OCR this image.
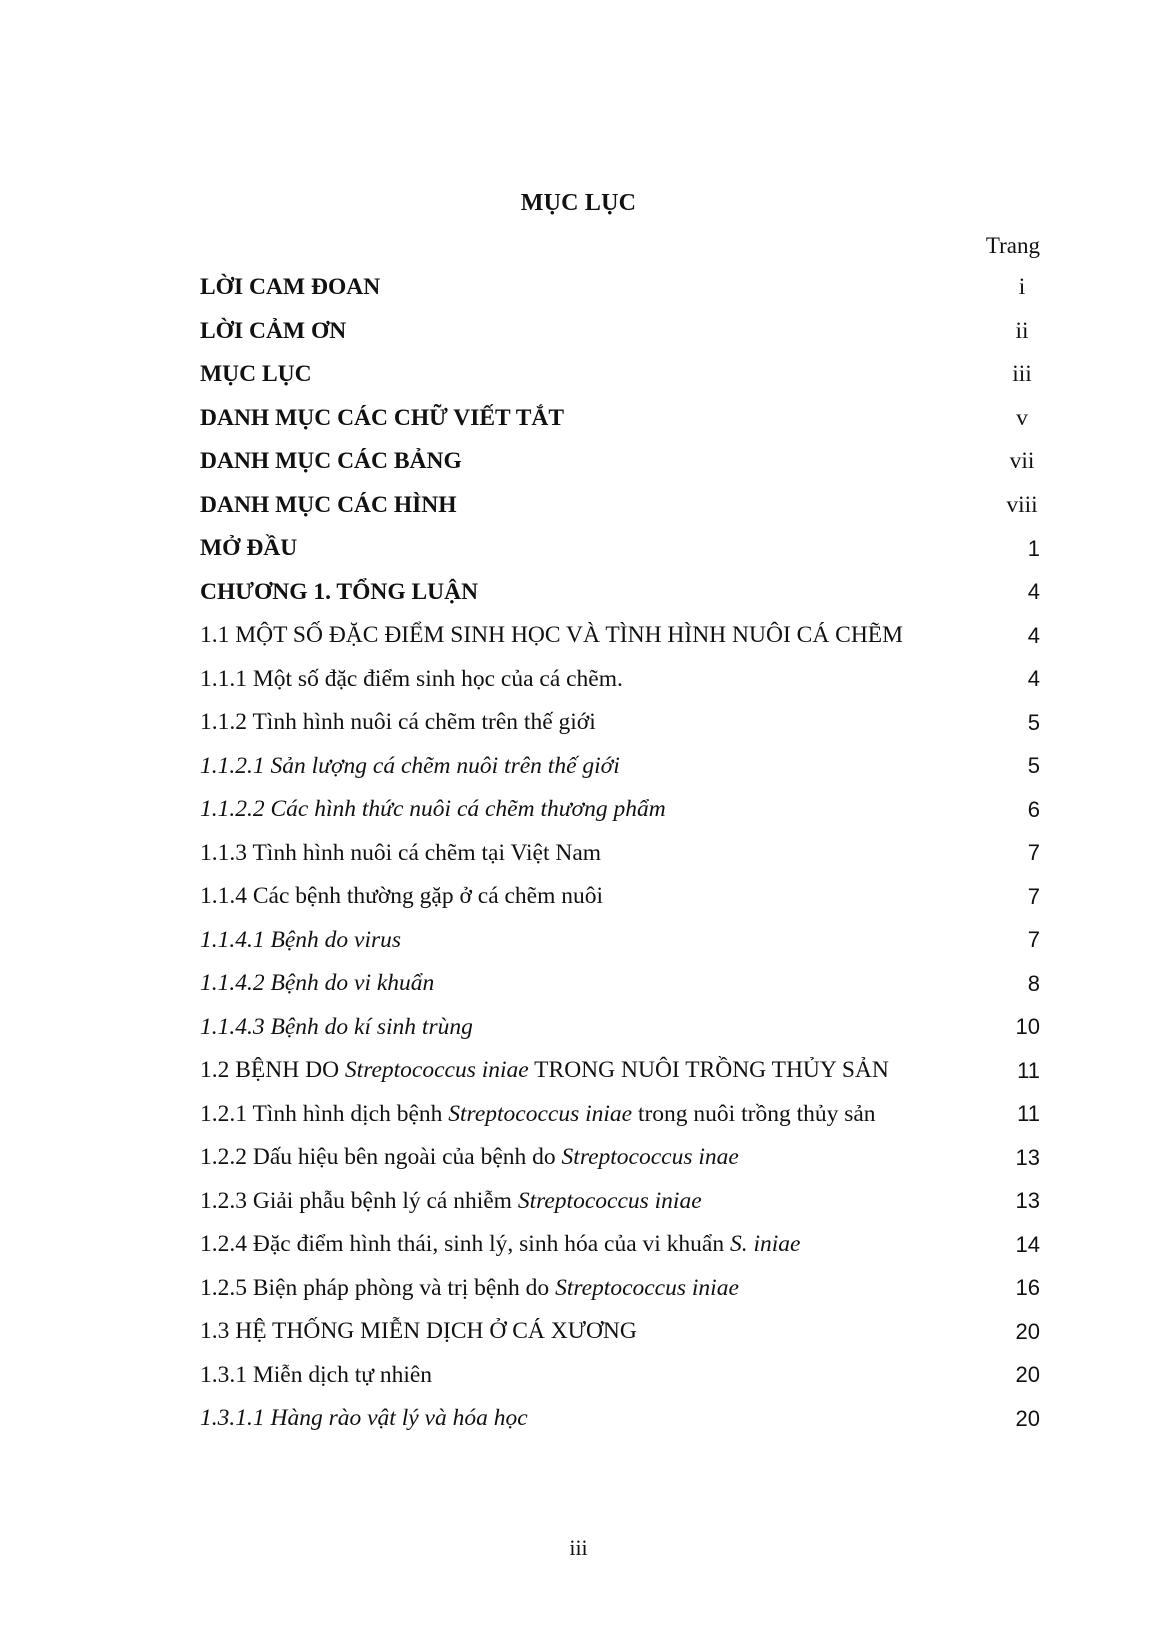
MỤC LỤC
Trang
LỜI CAM ĐOAN	i
LỜI CẢM ƠN	ii
MỤC LỤC	iii
DANH MỤC CÁC CHỮ VIẾT TẮT	v
DANH MỤC CÁC BẢNG	vii
DANH MỤC CÁC HÌNH	viii
MỞ ĐẦU	1
CHƯƠNG 1. TỔNG LUẬN	4
1.1 MỘT SỐ ĐẶC ĐIỂM SINH HỌC VÀ TÌNH HÌNH NUÔI CÁ CHẼM	4
1.1.1 Một số đặc điểm sinh học của cá chẽm.	4
1.1.2 Tình hình nuôi cá chẽm trên thế giới	5
1.1.2.1 Sản lượng cá chẽm nuôi trên thế giới	5
1.1.2.2 Các hình thức nuôi cá chẽm thương phẩm	6
1.1.3 Tình hình nuôi cá chẽm tại Việt Nam	7
1.1.4 Các bệnh thường gặp ở cá chẽm nuôi	7
1.1.4.1 Bệnh do virus	7
1.1.4.2 Bệnh do vi khuẩn	8
1.1.4.3 Bệnh do kí sinh trùng	10
1.2 BỆNH DO Streptococcus iniae TRONG NUÔI TRỒNG THỦY SẢN	11
1.2.1 Tình hình dịch bệnh Streptococcus iniae trong nuôi trồng thủy sản	11
1.2.2 Dấu hiệu bên ngoài của bệnh do Streptococcus inae	13
1.2.3 Giải phẫu bệnh lý cá nhiễm Streptococcus iniae	13
1.2.4 Đặc điểm hình thái, sinh lý, sinh hóa của vi khuẩn S. iniae	14
1.2.5 Biện pháp phòng và trị bệnh do Streptococcus iniae	16
1.3 HỆ THỐNG MIỄN DỊCH Ở CÁ XƯƠNG	20
1.3.1 Miễn dịch tự nhiên	20
1.3.1.1 Hàng rào vật lý và hóa học	20
iii
